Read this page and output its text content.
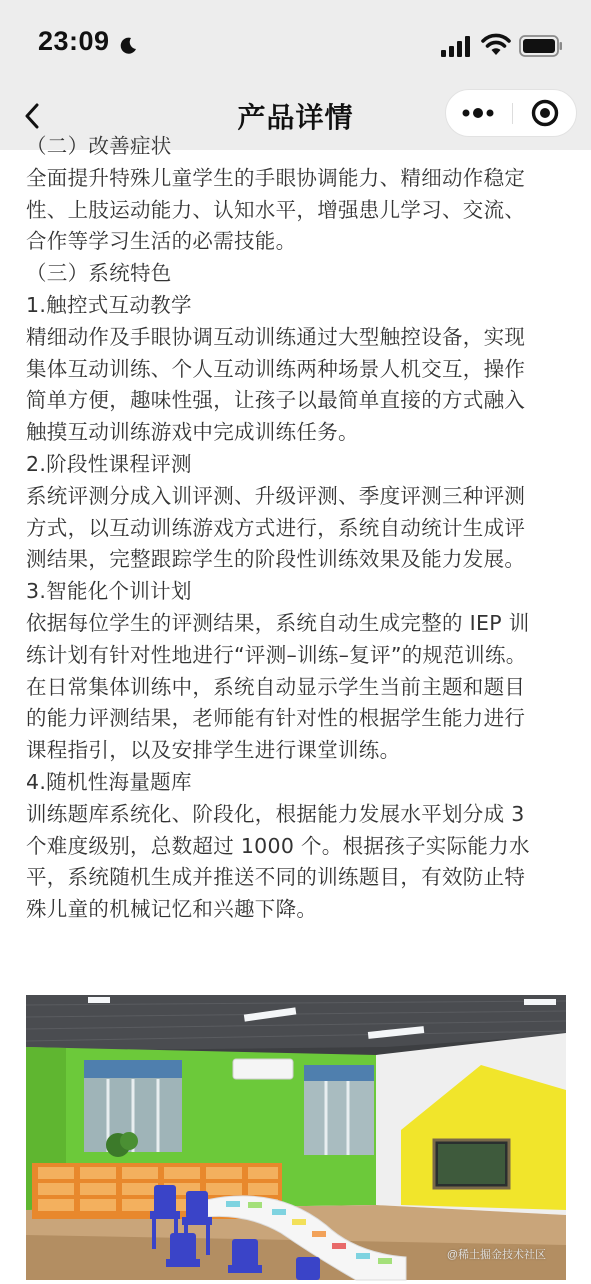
23:09
产品详情
（二）改善症状
全面提升特殊儿童学生的手眼协调能力、精细动作稳定
性、上肢运动能力、认知水平，增强患儿学习、交流、
合作等学习生活的必需技能。
（三）系统特色
1.触控式互动教学
精细动作及手眼协调互动训练通过大型触控设备，实现
集体互动训练、个人互动训练两种场景人机交互，操作
简单方便，趣味性强，让孩子以最简单直接的方式融入
触摸互动训练游戏中完成训练任务。
2.阶段性课程评测
系统评测分成入训评测、升级评测、季度评测三种评测
方式，以互动训练游戏方式进行，系统自动统计生成评
测结果，完整跟踪学生的阶段性训练效果及能力发展。
3.智能化个训计划
依据每位学生的评测结果，系统自动生成完整的 IEP 训
练计划有针对性地进行“评测–训练–复评”的规范训练。
在日常集体训练中，系统自动显示学生当前主题和题目
的能力评测结果，老师能有针对性的根据学生能力进行
课程指引，以及安排学生进行课堂训练。
4.随机性海量题库
训练题库系统化、阶段化，根据能力发展水平划分成 3
个难度级别，总数超过 1000 个。根据孩子实际能力水
平，系统随机生成并推送不同的训练题目，有效防止特
殊儿童的机械记忆和兴趣下降。
@稀土掘金技术社区
